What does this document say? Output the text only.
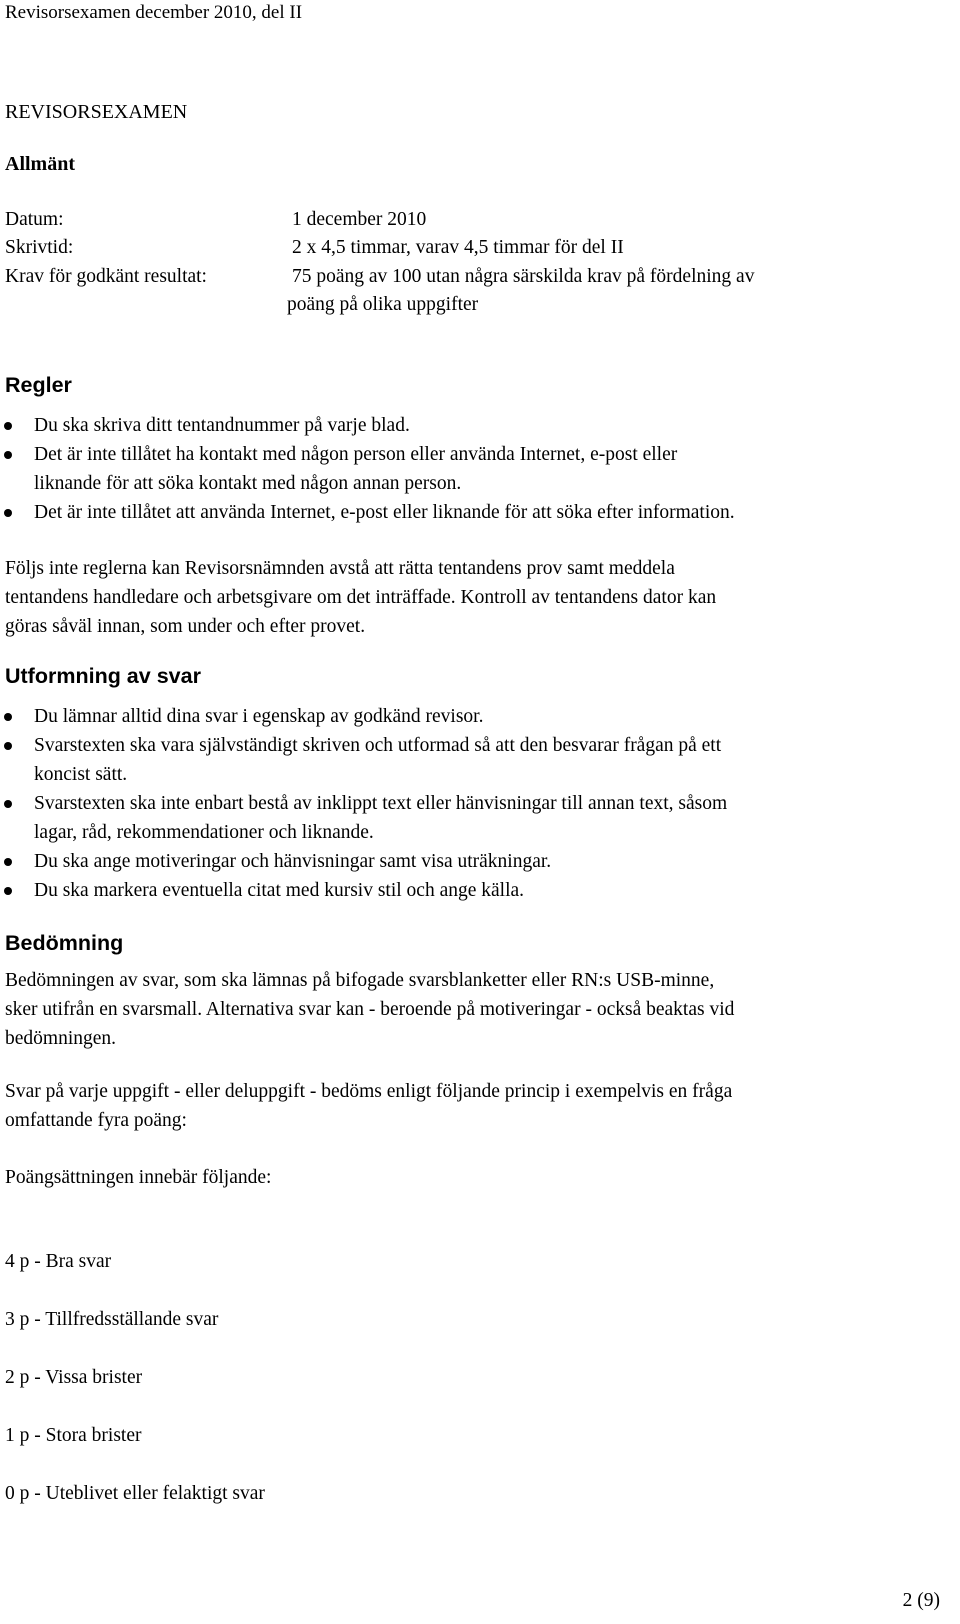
Revisorsexamen december 2010, del II
REVISORSEXAMEN
Allmänt
Datum:	1 december 2010
Skrivtid:	2 x 4,5 timmar, varav 4,5 timmar för del II
Krav för godkänt resultat:	75 poäng av 100 utan några särskilda krav på fördelning av
poäng på olika uppgifter
Regler
Du ska skriva ditt tentandnummer på varje blad.
Det är inte tillåtet ha kontakt med någon person eller använda Internet, e-post eller
liknande för att söka kontakt med någon annan person.
Det är inte tillåtet att använda Internet, e-post eller liknande för att söka efter information.
Följs inte reglerna kan Revisorsnämnden avstå att rätta tentandens prov samt meddela
tentandens handledare och arbetsgivare om det inträffade. Kontroll av tentandens dator kan
göras såväl innan, som under och efter provet.
Utformning av svar
Du lämnar alltid dina svar i egenskap av godkänd revisor.
Svarstexten ska vara självständigt skriven och utformad så att den besvarar frågan på ett
koncist sätt.
Svarstexten ska inte enbart bestå av inklippt text eller hänvisningar till annan text, såsom
lagar, råd, rekommendationer och liknande.
Du ska ange motiveringar och hänvisningar samt visa uträkningar.
Du ska markera eventuella citat med kursiv stil och ange källa.
Bedömning
Bedömningen av svar, som ska lämnas på bifogade svarsblanketter eller RN:s USB-minne,
sker utifrån en svarsmall. Alternativa svar kan - beroende på motiveringar - också beaktas vid
bedömningen.
Svar på varje uppgift - eller deluppgift - bedöms enligt följande princip i exempelvis en fråga
omfattande fyra poäng:
Poängsättningen innebär följande:

4 p - Bra svar

3 p - Tillfredsställande svar

2 p - Vissa brister

1 p - Stora brister

0 p - Uteblivet eller felaktigt svar

2 (9)
